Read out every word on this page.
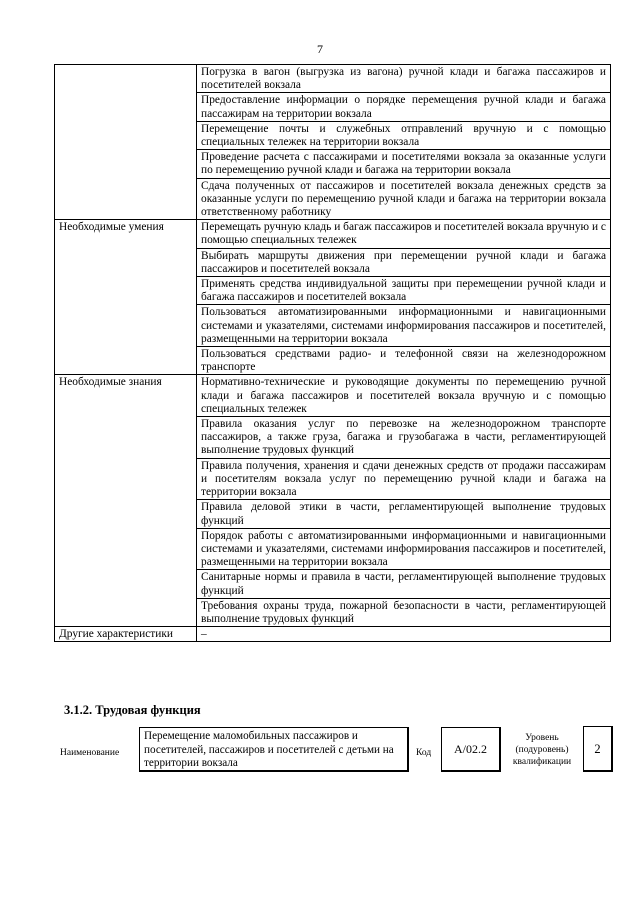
7
	Погрузка в вагон (выгрузка из вагона) ручной клади и багажа пассажиров и посетителей вокзала
	Предоставление информации о порядке перемещения ручной клади и багажа пассажирам на территории вокзала
	Перемещение почты и служебных отправлений вручную и с помощью специальных тележек на территории вокзала
	Проведение расчета с пассажирами и посетителями вокзала за оказанные услуги по перемещению ручной клади и багажа на территории вокзала
	Сдача полученных от пассажиров и посетителей вокзала денежных средств за оказанные услуги по перемещению ручной клади и багажа на территории вокзала ответственному работнику
Необходимые умения	Перемещать ручную кладь и багаж пассажиров и посетителей вокзала вручную и с помощью специальных тележек
	Выбирать маршруты движения при перемещении ручной клади и багажа пассажиров и посетителей вокзала
	Применять средства индивидуальной защиты при перемещении ручной клади и багажа пассажиров и посетителей вокзала
	Пользоваться автоматизированными информационными и навигационными системами и указателями, системами информирования пассажиров и посетителей, размещенными на территории вокзала
	Пользоваться средствами радио- и телефонной связи на железнодорожном транспорте
Необходимые знания	Нормативно-технические и руководящие документы по перемещению ручной клади и багажа пассажиров и посетителей вокзала вручную и с помощью специальных тележек
	Правила оказания услуг по перевозке на железнодорожном транспорте пассажиров, а также груза, багажа и грузобагажа в части, регламентирующей выполнение трудовых функций
	Правила получения, хранения и сдачи денежных средств от продажи пассажирам и посетителям вокзала услуг по перемещению ручной клади и багажа на территории вокзала
	Правила деловой этики в части, регламентирующей выполнение трудовых функций
	Порядок работы с автоматизированными информационными и навигационными системами и указателями, системами информирования пассажиров и посетителей, размещенными на территории вокзала
	Санитарные нормы и правила в части, регламентирующей выполнение трудовых функций
	Требования охраны труда, пожарной безопасности в части, регламентирующей выполнение трудовых функций
Другие характеристики	–
3.1.2. Трудовая функция
Наименование
Перемещение маломобильных пассажиров и посетителей, пассажиров и посетителей с детьми на территории вокзала
Код	A/02.2
Уровень (подуровень) квалификации
2
